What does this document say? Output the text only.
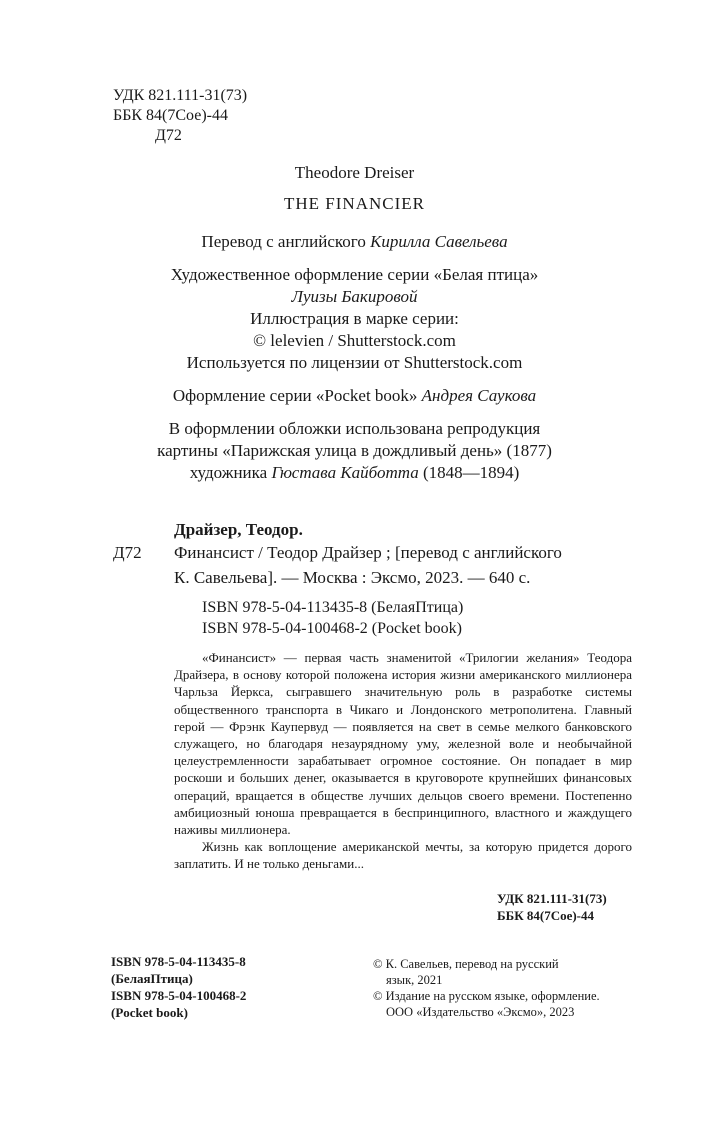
УДК 821.111-31(73)

ББК 84(7Сое)-44

Д72

Theodore Dreiser

THE FINANCIER

Перевод с английского Кирилла Савельева

Художественное оформление серии «Белая птица»

Луизы Бакировой

Иллюстрация в марке серии:

© lelevien / Shutterstock.com

Используется по лицензии от Shutterstock.com

Оформление серии «Pocket book» Андрея Саукова

В оформлении обложки использована репродукция

картины «Парижская улица в дождливый день» (1877)

художника Гюстава Кайботта (1848—1894)

Драйзер, Теодор.

Д72 Финансист / Теодор Драйзер ; [перевод с английского

К. Савельева]. — Москва : Эксмо, 2023. — 640 с.

ISBN 978-5-04-113435-8 (БелаяПтица)

ISBN 978-5-04-100468-2 (Pocket book)

«Финансист» — первая часть знаменитой «Трилогии желания» Теодора Драйзера, в основу которой положена история жизни американского миллионера Чарльза Йеркса, сыгравшего значительную роль в разработке системы общественного транспорта в Чикаго и Лондонского метрополитена. Главный герой — Фрэнк Каупервуд — появляется на свет в семье мелкого банковского служащего, но благодаря незаурядному уму, железной воле и необычайной целеустремленности зарабатывает огромное состояние. Он попадает в мир роскоши и больших денег, оказывается в круговороте крупнейших финансовых операций, вращается в обществе лучших дельцов своего времени. Постепенно амбициозный юноша превращается в беспринципного, властного и жаждущего наживы миллионера.

Жизнь как воплощение американской мечты, за которую придется дорого заплатить. И не только деньгами...

УДК 821.111-31(73)

ББК 84(7Сое)-44

ISBN 978-5-04-113435-8

(БелаяПтица)

ISBN 978-5-04-100468-2

(Pocket book)

© К. Савельев, перевод на русский

язык, 2021

© Издание на русском языке, оформление.

ООО «Издательство «Эксмо», 2023
